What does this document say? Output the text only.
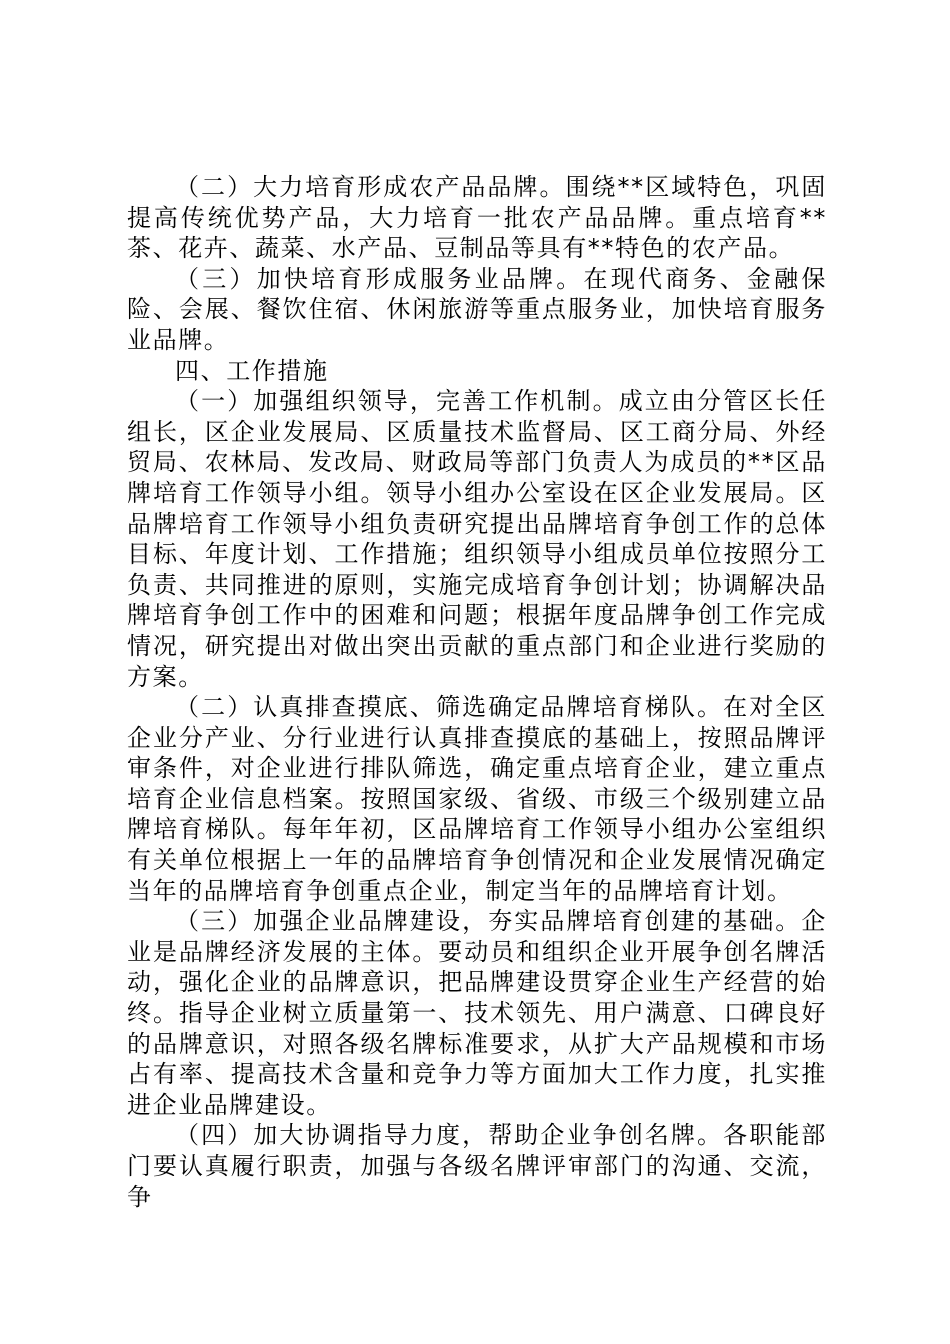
（二）大力培育形成农产品品牌。围绕**区域特色，巩固提高传统优势产品，大力培育一批农产品品牌。重点培育**茶、花卉、蔬菜、水产品、豆制品等具有**特色的农产品。

（三）加快培育形成服务业品牌。在现代商务、金融保险、会展、餐饮住宿、休闲旅游等重点服务业，加快培育服务业品牌。

四、工作措施

（一）加强组织领导，完善工作机制。成立由分管区长任组长，区企业发展局、区质量技术监督局、区工商分局、外经贸局、农林局、发改局、财政局等部门负责人为成员的**区品牌培育工作领导小组。领导小组办公室设在区企业发展局。区品牌培育工作领导小组负责研究提出品牌培育争创工作的总体目标、年度计划、工作措施；组织领导小组成员单位按照分工负责、共同推进的原则，实施完成培育争创计划；协调解决品牌培育争创工作中的困难和问题；根据年度品牌争创工作完成情况，研究提出对做出突出贡献的重点部门和企业进行奖励的方案。

（二）认真排查摸底、筛选确定品牌培育梯队。在对全区企业分产业、分行业进行认真排查摸底的基础上，按照品牌评审条件，对企业进行排队筛选，确定重点培育企业，建立重点培育企业信息档案。按照国家级、省级、市级三个级别建立品牌培育梯队。每年年初，区品牌培育工作领导小组办公室组织有关单位根据上一年的品牌培育争创情况和企业发展情况确定当年的品牌培育争创重点企业，制定当年的品牌培育计划。

（三）加强企业品牌建设，夯实品牌培育创建的基础。企业是品牌经济发展的主体。要动员和组织企业开展争创名牌活动，强化企业的品牌意识，把品牌建设贯穿企业生产经营的始终。指导企业树立质量第一、技术领先、用户满意、口碑良好的品牌意识，对照各级名牌标准要求，从扩大产品规模和市场占有率、提高技术含量和竞争力等方面加大工作力度，扎实推进企业品牌建设。

（四）加大协调指导力度，帮助企业争创名牌。各职能部门要认真履行职责，加强与各级名牌评审部门的沟通、交流，争
